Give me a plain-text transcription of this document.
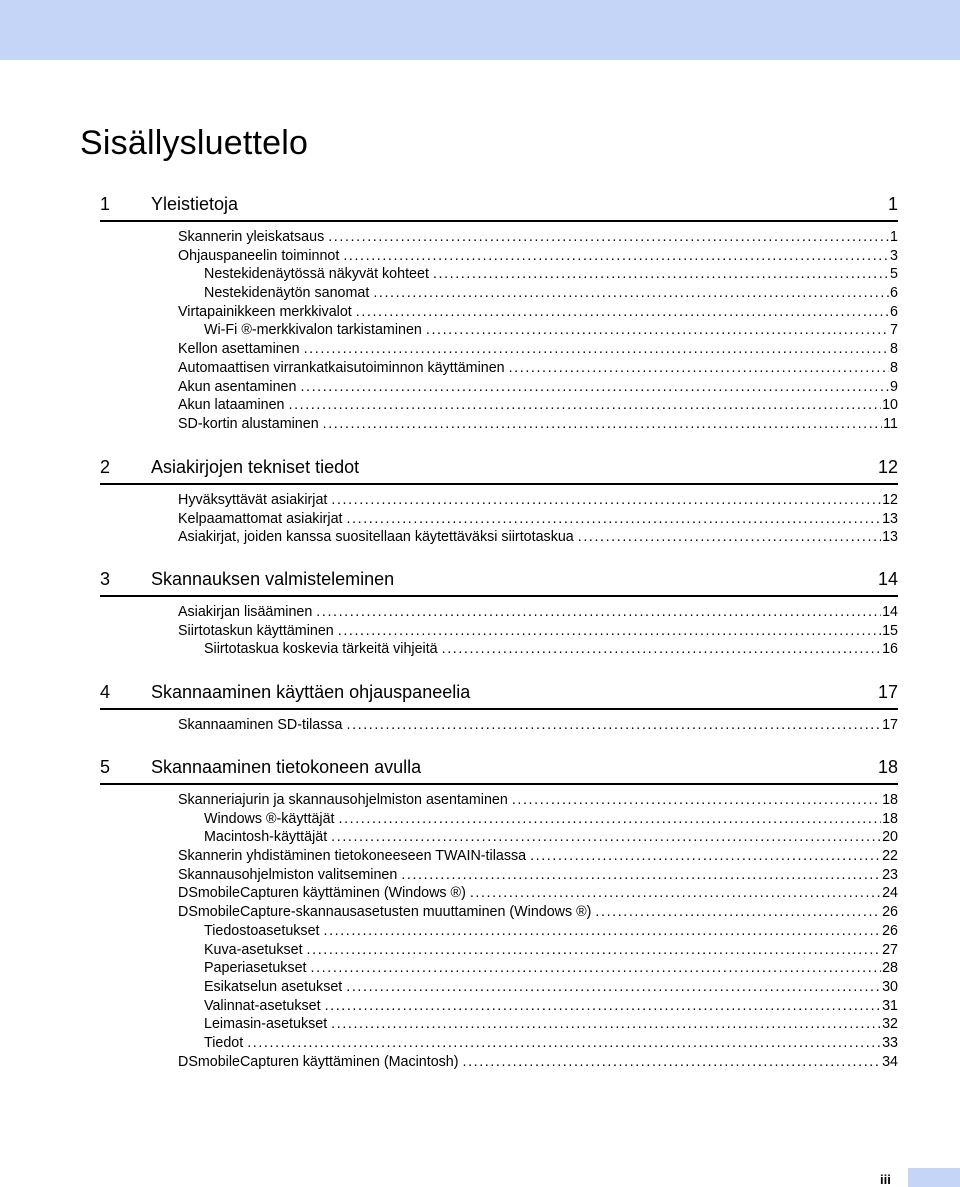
Sisällysluettelo
1 Yleistietoja	1
Skannerin yleiskatsaus .....	1
Ohjauspaneelin toiminnot .....	3
Nestekidenäytössä näkyvät kohteet .....	5
Nestekidenäytön sanomat .....	6
Virtapainikkeen merkkivalot .....	6
Wi-Fi ®-merkkivalon tarkistaminen .....	7
Kellon asettaminen .....	8
Automaattisen virrankatkaisutoiminnon käyttäminen .....	8
Akun asentaminen .....	9
Akun lataaminen .....	10
SD-kortin alustaminen .....	11
2 Asiakirjojen tekniset tiedot	12
Hyväksyttävät asiakirjat .....	12
Kelpaamattomat asiakirjat .....	13
Asiakirjat, joiden kanssa suositellaan käytettäväksi siirtotaskua .....	13
3 Skannauksen valmisteleminen	14
Asiakirjan lisääminen .....	14
Siirtotaskun käyttäminen .....	15
Siirtotaskua koskevia tärkeitä vihjeitä .....	16
4 Skannaaminen käyttäen ohjauspaneelia	17
Skannaaminen SD-tilassa .....	17
5 Skannaaminen tietokoneen avulla	18
Skanneriajurin ja skannausohjelmiston asentaminen .....	18
Windows ®-käyttäjät .....	18
Macintosh-käyttäjät .....	20
Skannerin yhdistäminen tietokoneeseen TWAIN-tilassa .....	22
Skannausohjelmiston valitseminen .....	23
DSmobileCapturen käyttäminen (Windows ®) .....	24
DSmobileCapture-skannausasetusten muuttaminen (Windows ®) .....	26
Tiedostoasetukset .....	26
Kuva-asetukset .....	27
Paperiasetukset .....	28
Esikatselun asetukset .....	30
Valinnat-asetukset .....	31
Leimasin-asetukset .....	32
Tiedot .....	33
DSmobileCapturen käyttäminen (Macintosh) .....	34
iii
